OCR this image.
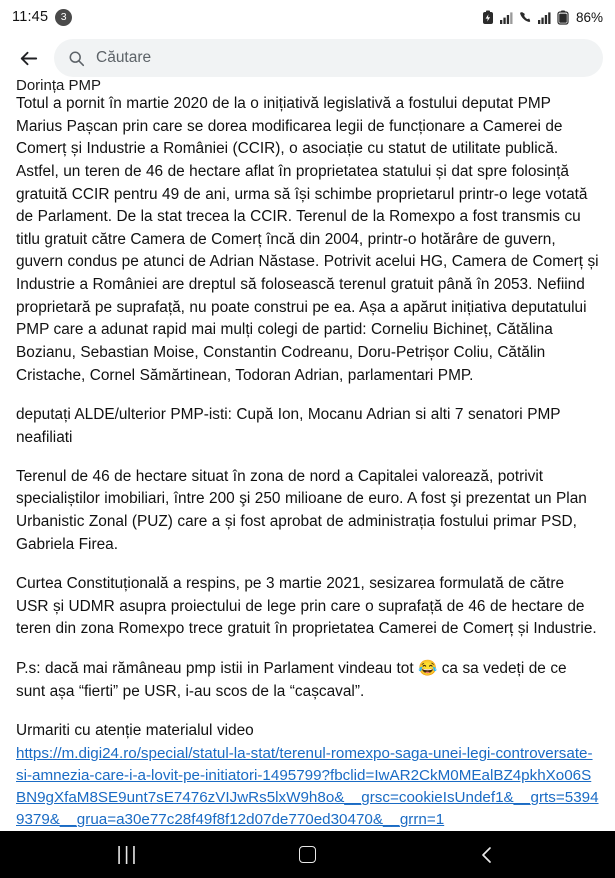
11:45	3	86%
Căutare
Dorința PMP

Totul a pornit în martie 2020 de la o inițiativă legislativă a fostului deputat PMP Marius Pașcan prin care se dorea modificarea legii de funcționare a Camerei de Comerț și Industrie a României (CCIR), o asociație cu statut de utilitate publică. Astfel, un teren de 46 de hectare aflat în proprietatea statului și dat spre folosință gratuită CCIR pentru 49 de ani, urma să își schimbe proprietarul printr-o lege votată de Parlament. De la stat trecea la CCIR. Terenul de la Romexpo a fost transmis cu titlu gratuit către Camera de Comerț încă din 2004, printr-o hotărâre de guvern, guvern condus pe atunci de Adrian Năstase. Potrivit acelui HG, Camera de Comerț și Industrie a României are dreptul să folosească terenul gratuit până în 2053. Nefiind proprietară pe suprafață, nu poate construi pe ea. Așa a apărut inițiativa deputatului PMP care a adunat rapid mai mulți colegi de partid: Corneliu Bichineț, Cătălina Bozianu, Sebastian Moise, Constantin Codreanu, Doru-Petrișor Coliu, Cătălin Cristache, Cornel Sămărtinean, Todoran Adrian, parlamentari PMP.

deputați ALDE/ulterior PMP-isti: Cupă Ion, Mocanu Adrian si alti 7 senatori PMP neafiliati

Terenul de 46 de hectare situat în zona de nord a Capitalei valorează, potrivit specialiștilor imobiliari, între 200 şi 250 milioane de euro. A fost şi prezentat un Plan Urbanistic Zonal (PUZ) care a și fost aprobat de administrația fostului primar PSD, Gabriela Firea.

Curtea Constituțională a respins, pe 3 martie 2021, sesizarea formulată de către USR și UDMR asupra proiectului de lege prin care o suprafață de 46 de hectare de teren din zona Romexpo trece gratuit în proprietatea Camerei de Comerț și Industrie.

P.s: dacă mai rămâneau pmp istii in Parlament vindeau tot 😂 ca sa vedeți de ce sunt așa “fierti” pe USR, i-au scos de la “cașcaval”.

Urmariti cu atenție materialul video

https://m.digi24.ro/special/statul-la-stat/terenul-romexpo-saga-unei-legi-controversate-si-amnezia-care-i-a-lovit-pe-initiatori-1495799?fbclid=IwAR2CkM0MEalBZ4pkhXo06SBN9gXfaM8SE9unt7sE7476zVIJwRs5lxW9h8o&__grsc=cookieIsUndef1&__grts=53949379&__grua=a30e77c28f49f8f12d07de770ed30470&__grrn=1
|||
